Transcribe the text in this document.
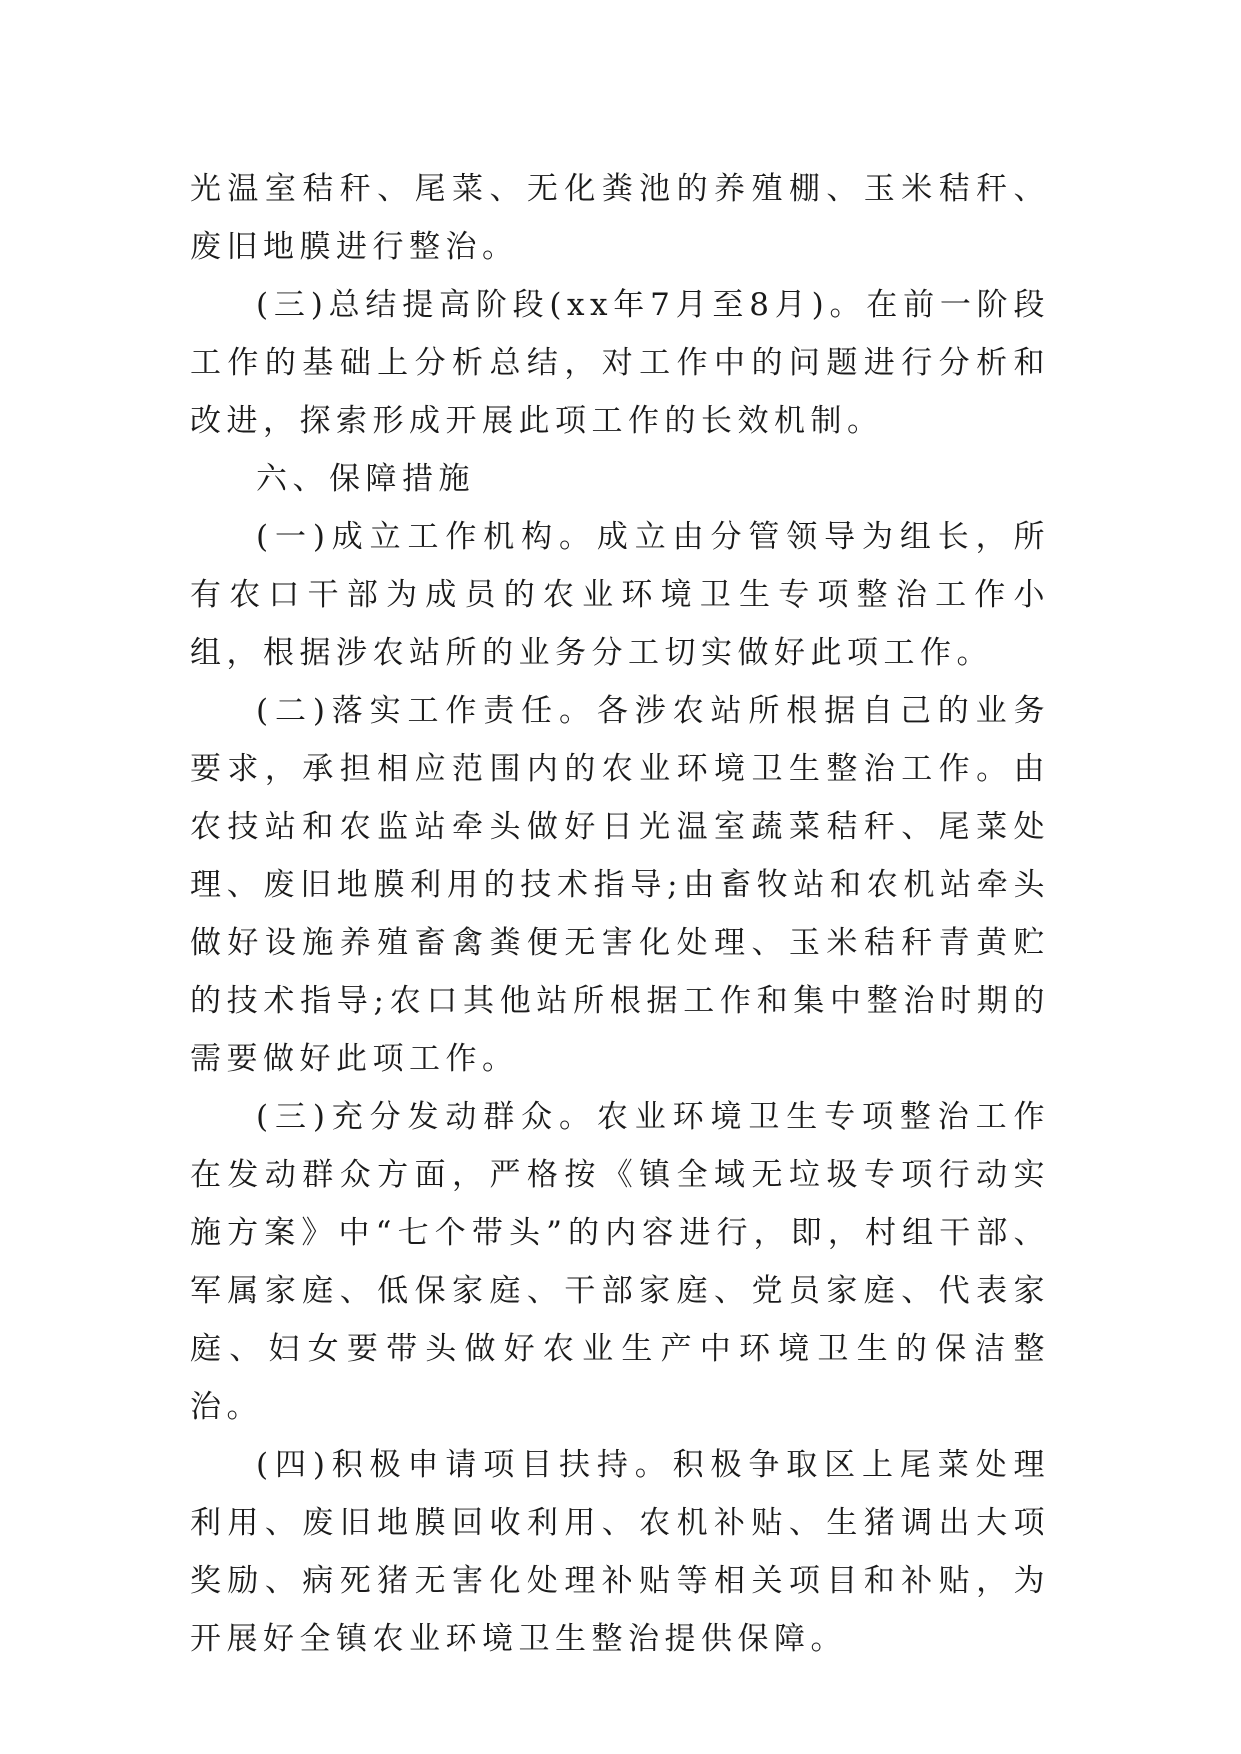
光温室秸秆、尾菜、无化粪池的养殖棚、玉米秸秆、废旧地膜进行整治。

(三)总结提高阶段(xx年7月至8月)。在前一阶段工作的基础上分析总结，对工作中的问题进行分析和改进，探索形成开展此项工作的长效机制。

六、保障措施

(一)成立工作机构。成立由分管领导为组长，所有农口干部为成员的农业环境卫生专项整治工作小组，根据涉农站所的业务分工切实做好此项工作。

(二)落实工作责任。各涉农站所根据自己的业务要求，承担相应范围内的农业环境卫生整治工作。由农技站和农监站牵头做好日光温室蔬菜秸秆、尾菜处理、废旧地膜利用的技术指导;由畜牧站和农机站牵头做好设施养殖畜禽粪便无害化处理、玉米秸秆青黄贮的技术指导;农口其他站所根据工作和集中整治时期的需要做好此项工作。

(三)充分发动群众。农业环境卫生专项整治工作在发动群众方面，严格按《镇全域无垃圾专项行动实施方案》中“七个带头”的内容进行，即，村组干部、军属家庭、低保家庭、干部家庭、党员家庭、代表家庭、妇女要带头做好农业生产中环境卫生的保洁整治。

(四)积极申请项目扶持。积极争取区上尾菜处理利用、废旧地膜回收利用、农机补贴、生猪调出大项奖励、病死猪无害化处理补贴等相关项目和补贴，为开展好全镇农业环境卫生整治提供保障。
